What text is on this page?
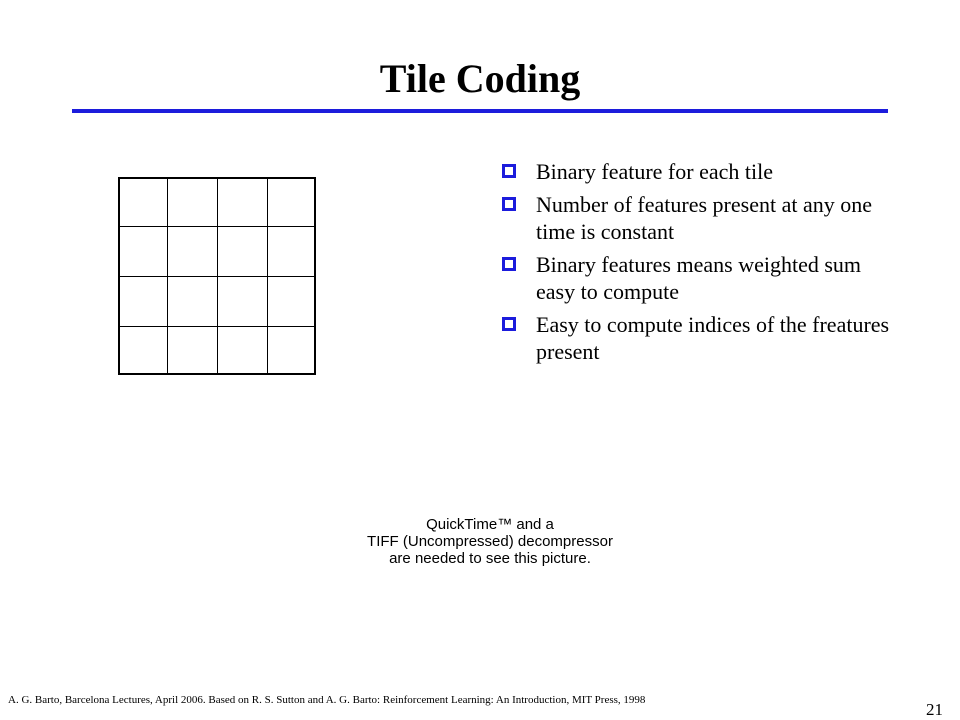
Tile Coding
Binary feature for each tile
Number of features present at any one time is constant
Binary features means weighted sum easy to compute
Easy to compute indices of the freatures present
QuickTime™ and a
TIFF (Uncompressed) decompressor
are needed to see this picture.
A. G. Barto, Barcelona Lectures, April 2006. Based on R. S. Sutton and A. G. Barto: Reinforcement Learning: An Introduction, MIT Press, 1998	21
